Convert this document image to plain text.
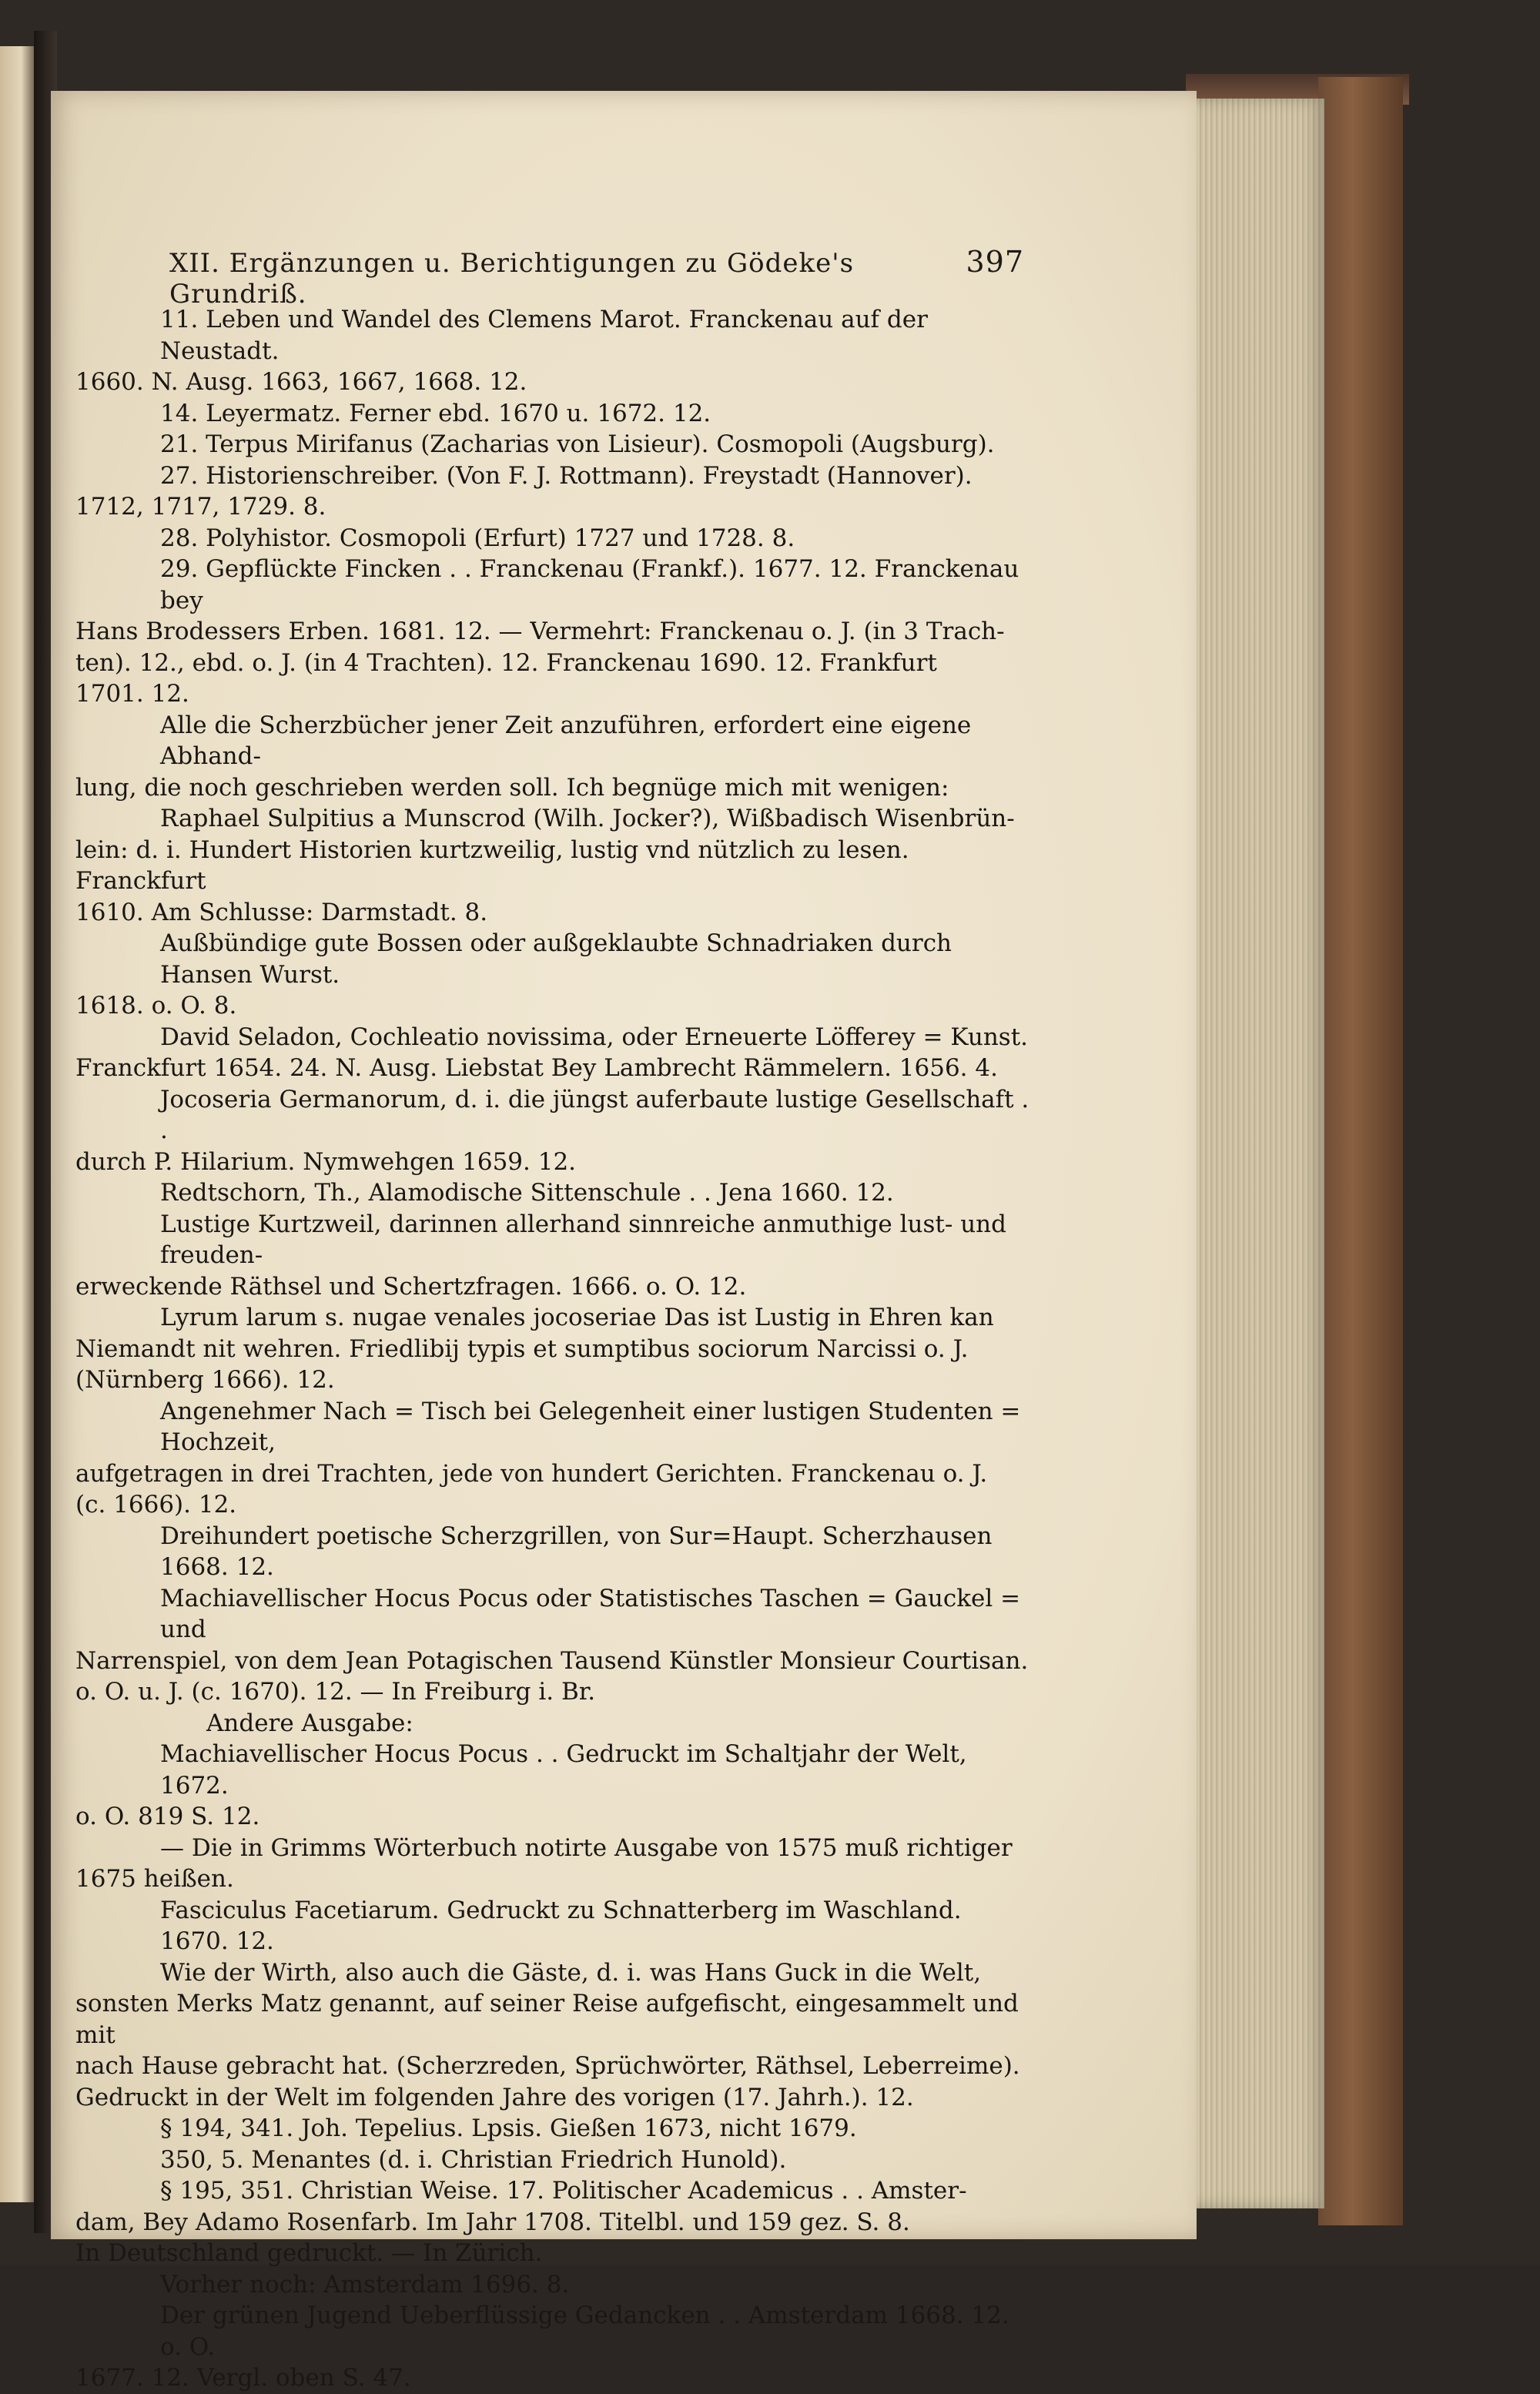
XII. Ergänzungen u. Berichtigungen zu Gödeke's Grundriß.
397
11. Leben und Wandel des Clemens Marot. Franckenau auf der Neustadt.
1660. N. Ausg. 1663, 1667, 1668. 12.
14. Leyermatz. Ferner ebd. 1670 u. 1672. 12.
21. Terpus Mirifanus (Zacharias von Lisieur). Cosmopoli (Augsburg).
27. Historienschreiber. (Von F. J. Rottmann). Freystadt (Hannover).
1712, 1717, 1729. 8.
28. Polyhistor. Cosmopoli (Erfurt) 1727 und 1728. 8.
29. Gepflückte Fincken . . Franckenau (Frankf.). 1677. 12. Franckenau bey
Hans Brodessers Erben. 1681. 12. — Vermehrt: Franckenau o. J. (in 3 Trach-
ten). 12., ebd. o. J. (in 4 Trachten). 12. Franckenau 1690. 12. Frankfurt
1701. 12.
Alle die Scherzbücher jener Zeit anzuführen, erfordert eine eigene Abhand-
lung, die noch geschrieben werden soll. Ich begnüge mich mit wenigen:
Raphael Sulpitius a Munscrod (Wilh. Jocker?), Wißbadisch Wisenbrün-
lein: d. i. Hundert Historien kurtzweilig, lustig vnd nützlich zu lesen. Franckfurt
1610. Am Schlusse: Darmstadt. 8.
Außbündige gute Bossen oder außgeklaubte Schnadriaken durch Hansen Wurst.
1618. o. O. 8.
David Seladon, Cochleatio novissima, oder Erneuerte Löfferey = Kunst.
Franckfurt 1654. 24. N. Ausg. Liebstat Bey Lambrecht Rämmelern. 1656. 4.
Jocoseria Germanorum, d. i. die jüngst auferbaute lustige Gesellschaft . .
durch P. Hilarium. Nymwehgen 1659. 12.
Redtschorn, Th., Alamodische Sittenschule . . Jena 1660. 12.
Lustige Kurtzweil, darinnen allerhand sinnreiche anmuthige lust- und freuden-
erweckende Räthsel und Schertzfragen. 1666. o. O. 12.
Lyrum larum s. nugae venales jocoseriae Das ist Lustig in Ehren kan
Niemandt nit wehren. Friedlibij typis et sumptibus sociorum Narcissi o. J.
(Nürnberg 1666). 12.
Angenehmer Nach = Tisch bei Gelegenheit einer lustigen Studenten = Hochzeit,
aufgetragen in drei Trachten, jede von hundert Gerichten. Franckenau o. J.
(c. 1666). 12.
Dreihundert poetische Scherzgrillen, von Sur=Haupt. Scherzhausen 1668. 12.
Machiavellischer Hocus Pocus oder Statistisches Taschen = Gauckel = und
Narrenspiel, von dem Jean Potagischen Tausend Künstler Monsieur Courtisan.
o. O. u. J. (c. 1670). 12. — In Freiburg i. Br.
Andere Ausgabe:
Machiavellischer Hocus Pocus . . Gedruckt im Schaltjahr der Welt, 1672.
o. O. 819 S. 12.
— Die in Grimms Wörterbuch notirte Ausgabe von 1575 muß richtiger
1675 heißen.
Fasciculus Facetiarum. Gedruckt zu Schnatterberg im Waschland. 1670. 12.
Wie der Wirth, also auch die Gäste, d. i. was Hans Guck in die Welt,
sonsten Merks Matz genannt, auf seiner Reise aufgefischt, eingesammelt und mit
nach Hause gebracht hat. (Scherzreden, Sprüchwörter, Räthsel, Leberreime).
Gedruckt in der Welt im folgenden Jahre des vorigen (17. Jahrh.). 12.
§ 194, 341. Joh. Tepelius. Lpsis. Gießen 1673, nicht 1679.
350, 5. Menantes (d. i. Christian Friedrich Hunold).
§ 195, 351. Christian Weise. 17. Politischer Academicus . . Amster-
dam, Bey Adamo Rosenfarb. Im Jahr 1708. Titelbl. und 159 gez. S. 8.
In Deutschland gedruckt. — In Zürich.
Vorher noch: Amsterdam 1696. 8.
Der grünen Jugend Ueberflüssige Gedancken . . Amsterdam 1668. 12. o. O.
1677. 12. Vergl. oben S. 47.
